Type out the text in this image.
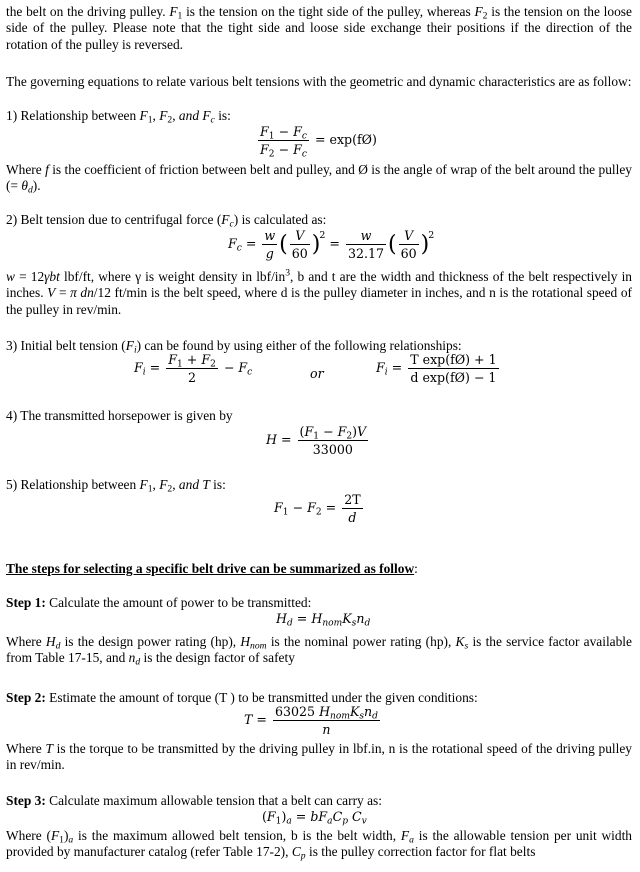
the belt on the driving pulley. $F_1$ is the tension on the tight side of the pulley, whereas $F_2$ is the tension on the loose side of the pulley. Please note that the tight side and loose side exchange their positions if the direction of the rotation of the pulley is reversed.

The governing equations to relate various belt tensions with the geometric and dynamic characteristics are as follow:

1) Relationship between $F_1$, $F_2$, and $F_c$ is:

$\frac{F_1 - F_c}{F_2 - F_c}$ = exp(fØ)

Where f is the coefficient of friction between belt and pulley, and Ø is the angle of wrap of the belt around the pulley (= $\theta_d$).

2) Belt tension due to centrifugal force $(F_c)$ is calculated as:

$F_c = \frac{w}{g}$ ( $\frac{V}{60} )^2 = \frac{w}{32.17}$ ( $\frac{V}{60} )^2$

w = 12γbt lbf/ft, where γ is weight density in lbf/$in^3$, b and t are the width and thickness of the belt respectively in inches. V = π dn/12 ft/min is the belt speed, where d is the pulley diameter in inches, and n is the rotational speed of the pulley in rev/min.

3) Initial belt tension $(F_i)$ can be found by using either of the following relationships:

$F_i = \frac{F_1 + F_2}{2} - F_c$	or	$F_i = \frac{\text{T exp(fØ) + 1}}{\text{d exp(fØ) − 1}}$

4) The transmitted horsepower is given by

$H = \frac{(F_1 - F_2)V}{33000}$

5) Relationship between $F_1$, $F_2$, and T is:

$F_1 - F_2 = \frac{2T}{d}$

The steps for selecting a specific belt drive can be summarized as follow:

Step 1: Calculate the amount of power to be transmitted:

$H_d = H_{nom}K_sn_d$

Where $H_d$ is the design power rating (hp), $H_{nom}$ is the nominal power rating (hp), $K_s$ is the service factor available from Table 17-15, and $n_d$ is the design factor of safety

Step 2: Estimate the amount of torque (T ) to be transmitted under the given conditions:

$T = \frac{63025 H_{nom}K_sn_d}{n}$

Where T is the torque to be transmitted by the driving pulley in lbf.in, n is the rotational speed of the driving pulley in rev/min.

Step 3: Calculate maximum allowable tension that a belt can carry as:

$(F_1)_a = bF_aC_p$ $C_v$

Where $(F_1)_a$ is the maximum allowed belt tension, b is the belt width, $F_a$ is the allowable tension per unit width provided by manufacturer catalog (refer Table 17-2), $C_p$ is the pulley correction factor for flat belts
